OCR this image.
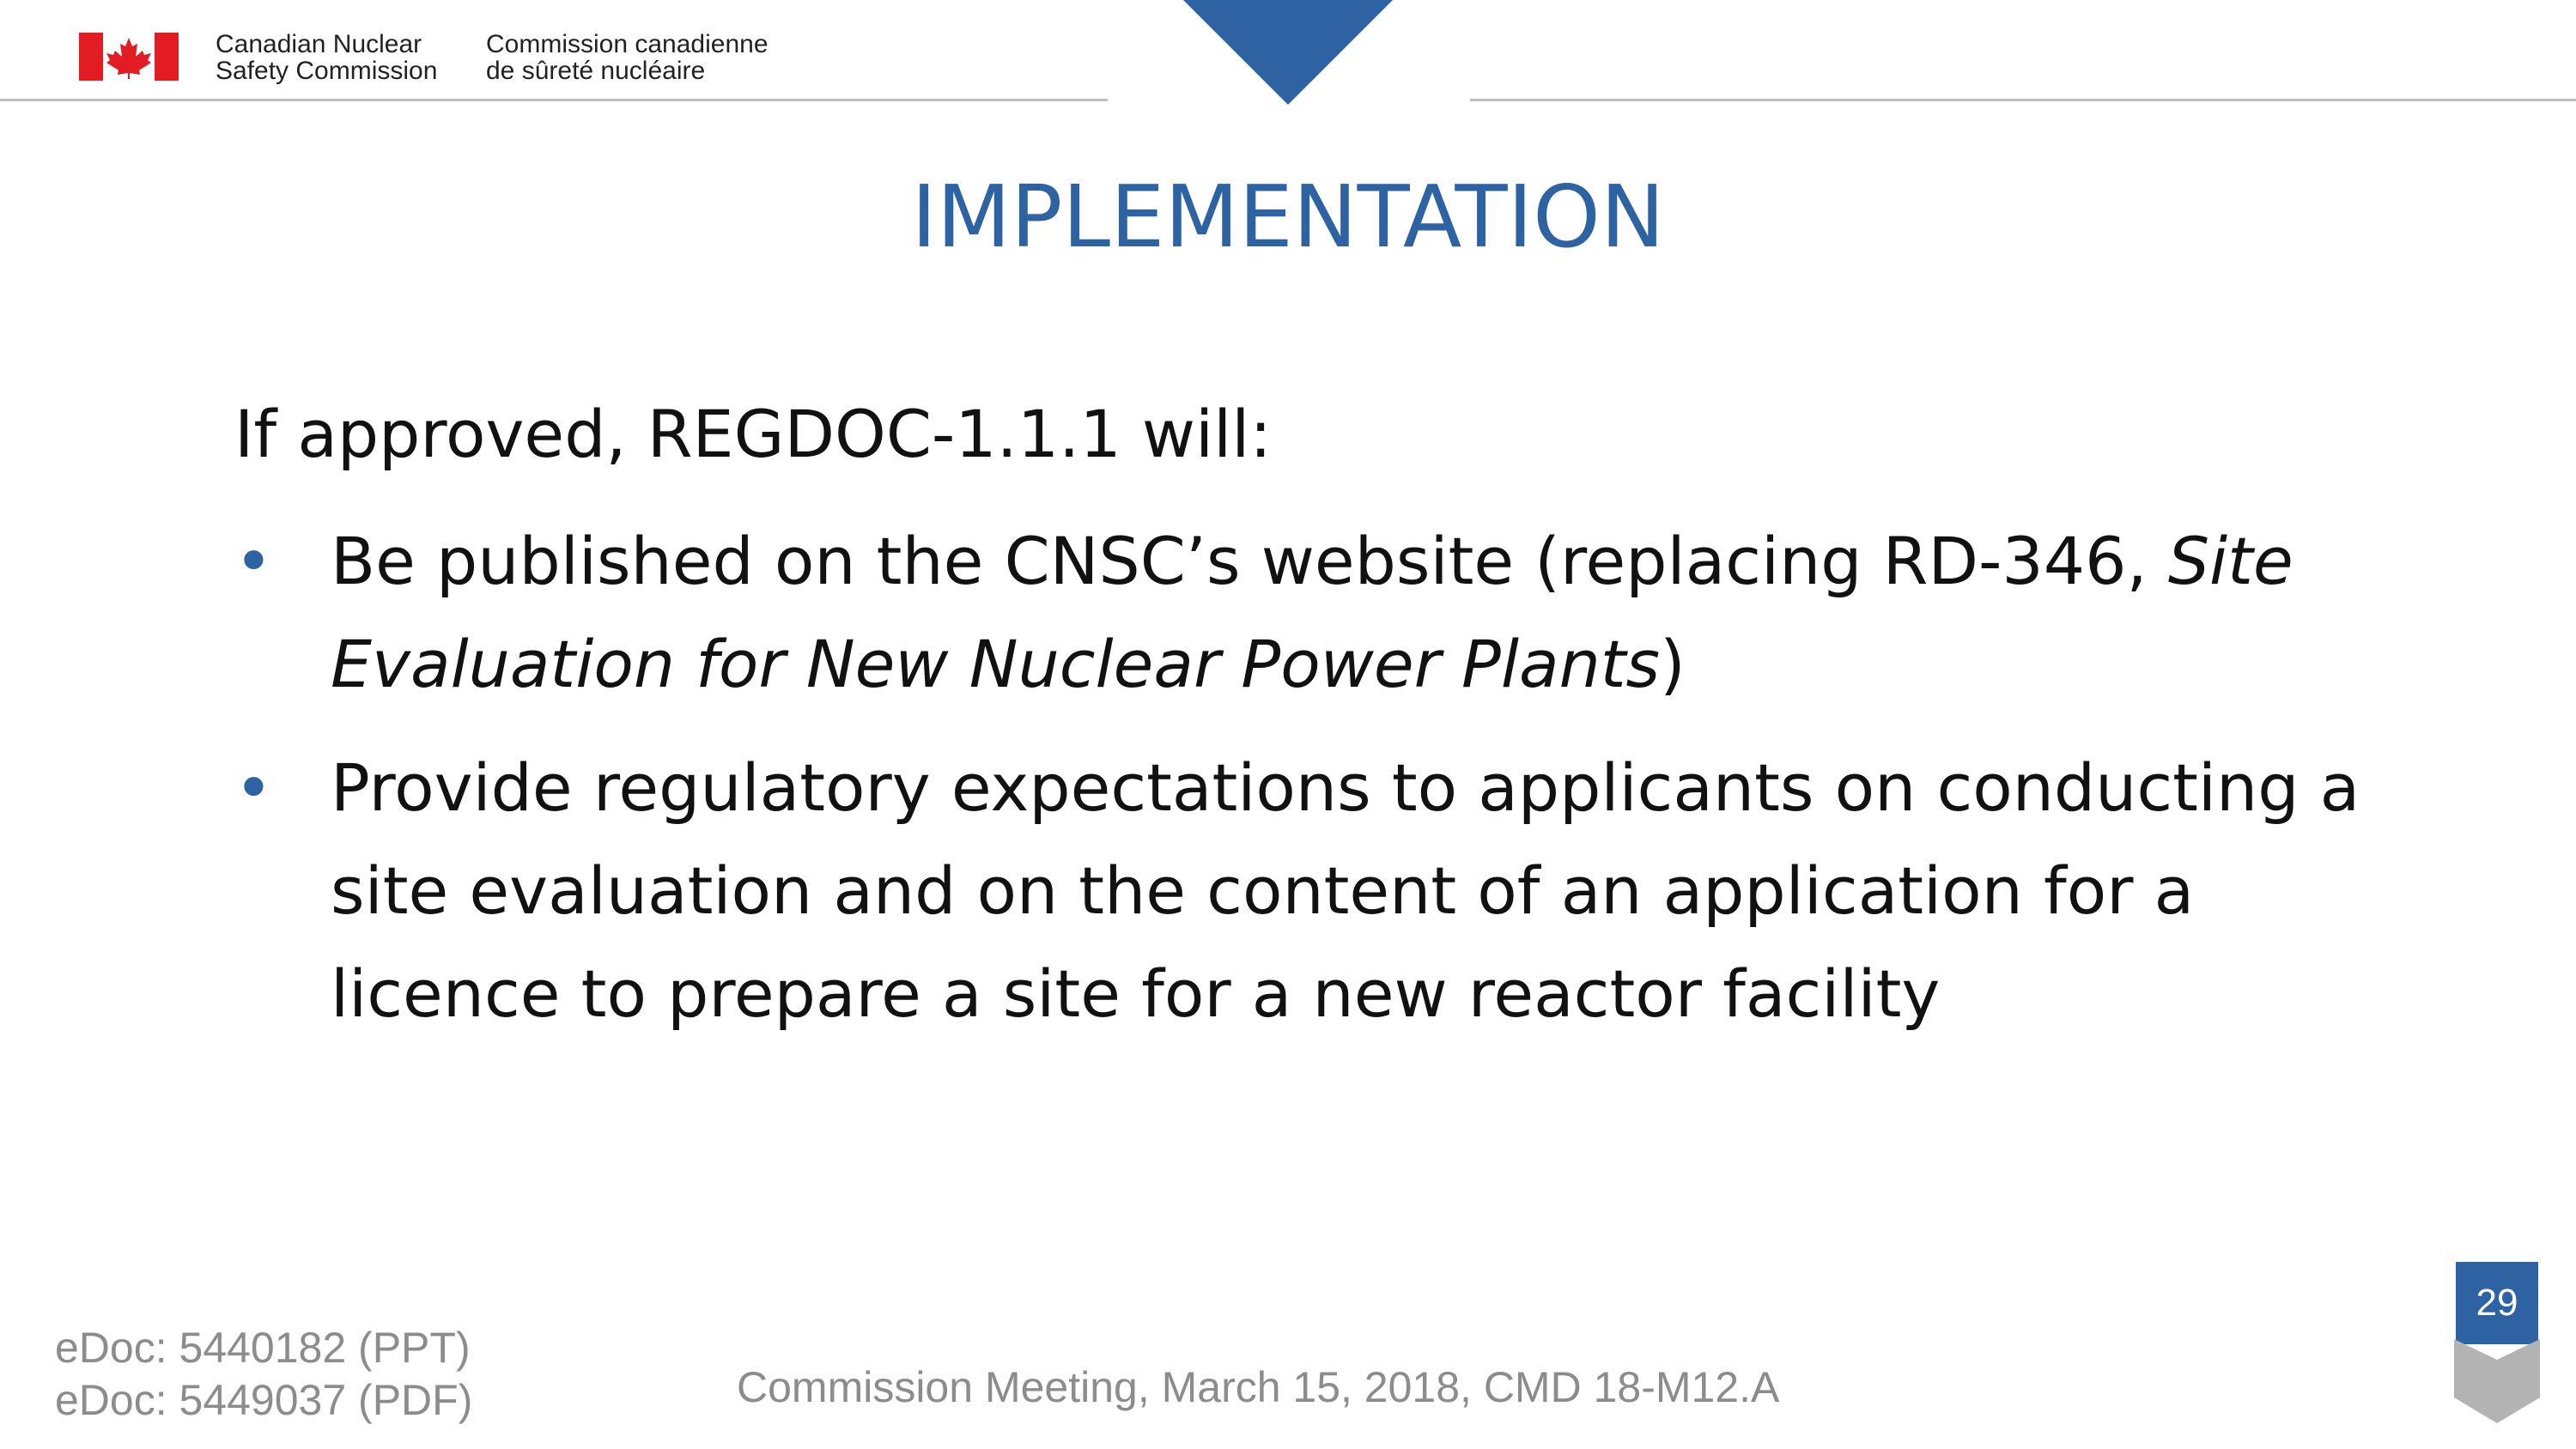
Canadian Nuclear
Safety Commission
Commission canadienne
de sûreté nucléaire
IMPLEMENTATION
If approved, REGDOC-1.1.1 will:
• Be published on the CNSC’s website (replacing RD-346, Site Evaluation for New Nuclear Power Plants)
• Provide regulatory expectations to applicants on conducting a site evaluation and on the content of an application for a licence to prepare a site for a new reactor facility
eDoc: 5440182 (PPT)
eDoc: 5449037 (PDF)	Commission Meeting, March 15, 2018, CMD 18-M12.A
29
